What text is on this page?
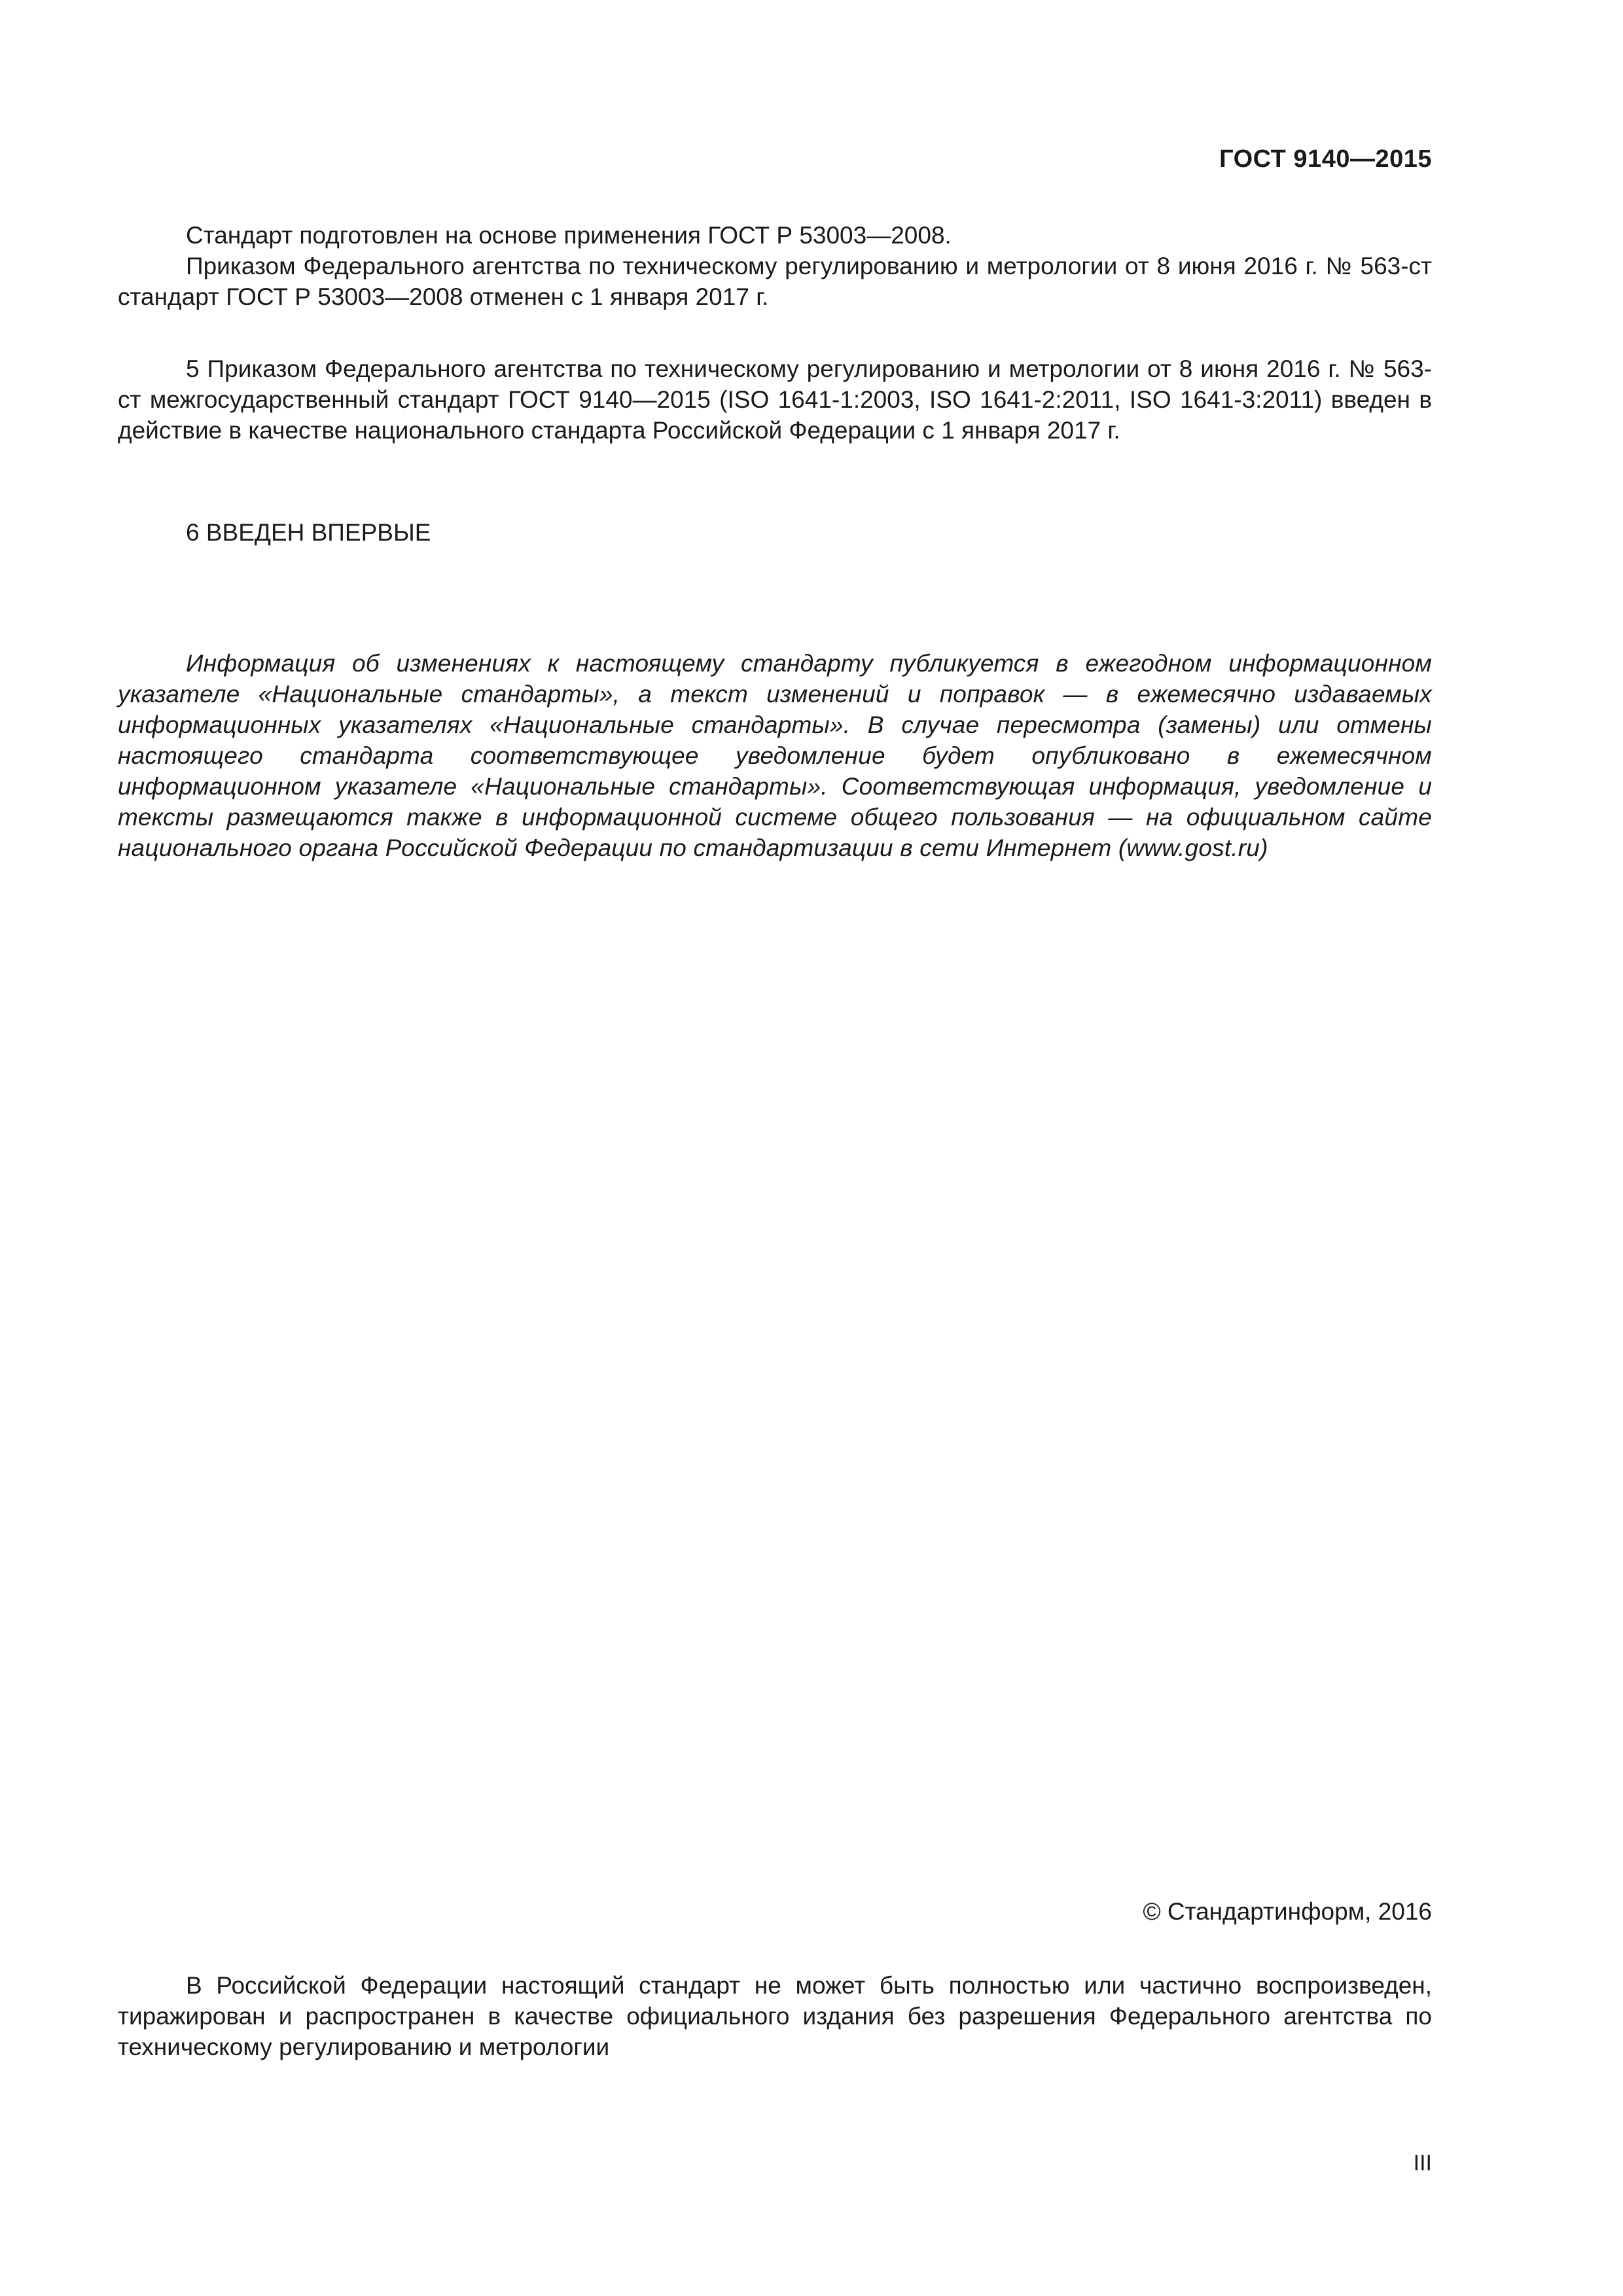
ГОСТ 9140—2015

Стандарт подготовлен на основе применения ГОСТ Р 53003—2008.

Приказом Федерального агентства по техническому регулированию и метрологии от 8 июня 2016 г. № 563-ст стандарт ГОСТ Р 53003—2008 отменен с 1 января 2017 г.

5 Приказом Федерального агентства по техническому регулированию и метрологии от 8 июня 2016 г. № 563-ст межгосударственный стандарт ГОСТ 9140—2015 (ISO 1641-1:2003, ISO 1641-2:2011, ISO 1641-3:2011) введен в действие в качестве национального стандарта Российской Федерации с 1 января 2017 г.

6 ВВЕДЕН ВПЕРВЫЕ

Информация об изменениях к настоящему стандарту публикуется в ежегодном информационном указателе «Национальные стандарты», а текст изменений и поправок — в ежемесячно издаваемых информационных указателях «Национальные стандарты». В случае пересмотра (замены) или отмены настоящего стандарта соответствующее уведомление будет опубликовано в ежемесячном информационном указателе «Национальные стандарты». Соответствующая информация, уведомление и тексты размещаются также в информационной системе общего пользования — на официальном сайте национального органа Российской Федерации по стандартизации в сети Интернет (www.gost.ru)

© Стандартинформ, 2016

В Российской Федерации настоящий стандарт не может быть полностью или частично воспроизведен, тиражирован и распространен в качестве официального издания без разрешения Федерального агентства по техническому регулированию и метрологии

III
